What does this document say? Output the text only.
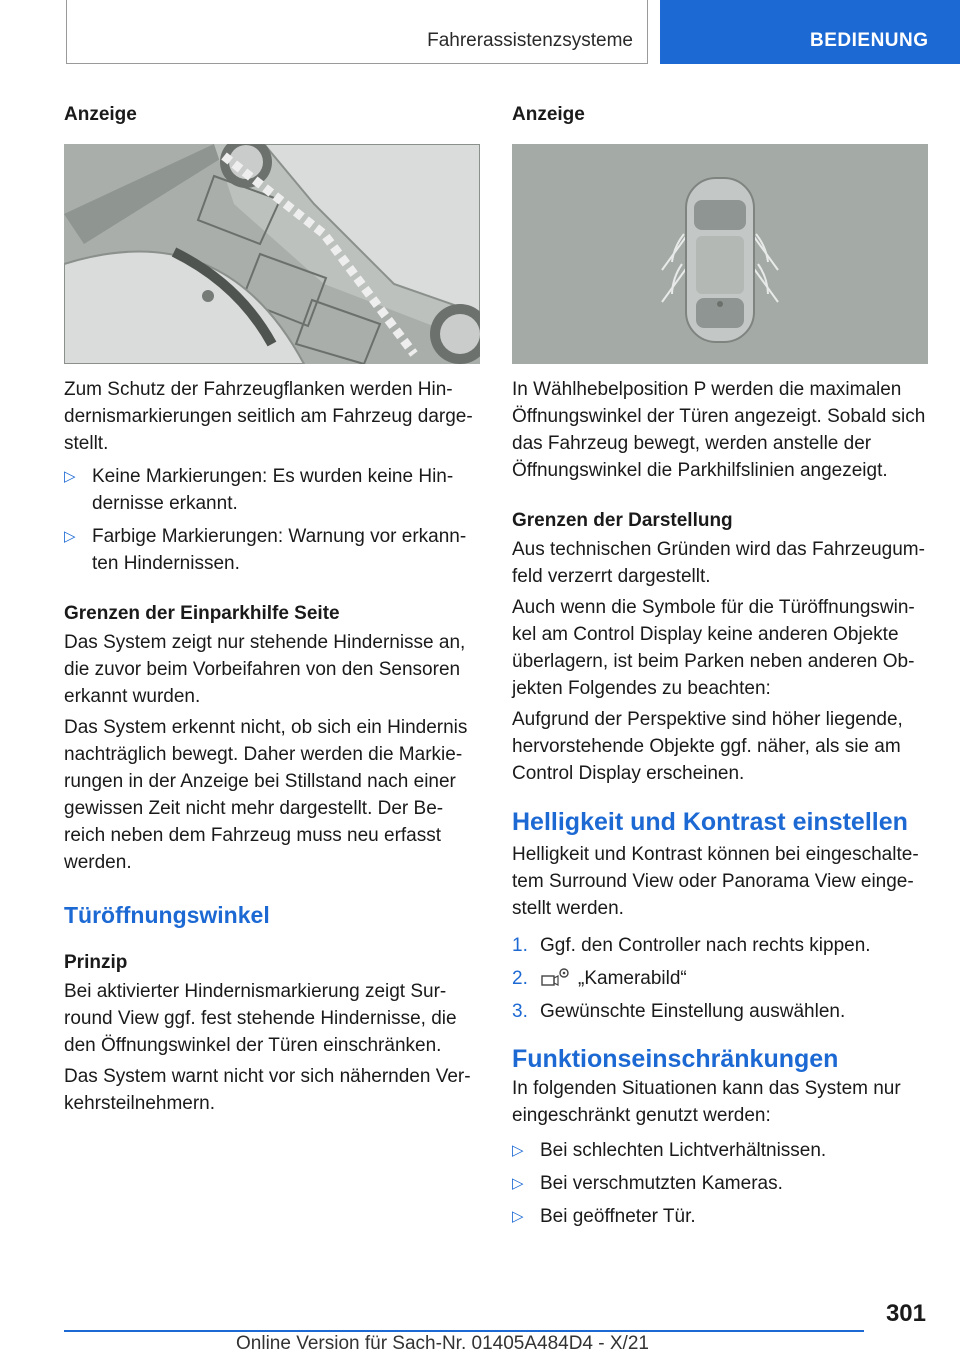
Fahrerassistenzsysteme	BEDIENUNG
Anzeige

Zum Schutz der Fahrzeugflanken werden Hin-dernismarkierungen seitlich am Fahrzeug darge-stellt.

▷ Keine Markierungen: Es wurden keine Hin-dernisse erkannt.
▷ Farbige Markierungen: Warnung vor erkann-ten Hindernissen.
Grenzen der Einparkhilfe Seite

Das System zeigt nur stehende Hindernisse an, die zuvor beim Vorbeifahren von den Sensoren erkannt wurden.

Das System erkennt nicht, ob sich ein Hindernis nachträglich bewegt. Daher werden die Markie-rungen in der Anzeige bei Stillstand nach einer gewissen Zeit nicht mehr dargestellt. Der Be-reich neben dem Fahrzeug muss neu erfasst werden.

Türöffnungswinkel
Prinzip

Bei aktivierter Hindernismarkierung zeigt Sur-round View ggf. fest stehende Hindernisse, die den Öffnungswinkel der Türen einschränken.

Das System warnt nicht vor sich nähernden Ver-kehrsteilnehmern.

Anzeige

In Wählhebelposition P werden die maximalen Öffnungswinkel der Türen angezeigt. Sobald sich das Fahrzeug bewegt, werden anstelle der Öffnungswinkel die Parkhilfslinien angezeigt.

Grenzen der Darstellung

Aus technischen Gründen wird das Fahrzeugum-feld verzerrt dargestellt.

Auch wenn die Symbole für die Türöffnungswin-kel am Control Display keine anderen Objekte überlagern, ist beim Parken neben anderen Ob-jekten Folgendes zu beachten:

Aufgrund der Perspektive sind höher liegende, hervorstehende Objekte ggf. näher, als sie am Control Display erscheinen.

Helligkeit und Kontrast einstellen

Helligkeit und Kontrast können bei eingeschalte-tem Surround View oder Panorama View einge-stellt werden.

1. Ggf. den Controller nach rechts kippen.
2.	„Kamerabild“
3. Gewünschte Einstellung auswählen.
Funktionseinschränkungen

In folgenden Situationen kann das System nur eingeschränkt genutzt werden:

▷ Bei schlechten Lichtverhältnissen.
▷ Bei verschmutzten Kameras.
▷ Bei geöffneter Tür.
301
Online Version für Sach-Nr. 01405A484D4 - X/21
